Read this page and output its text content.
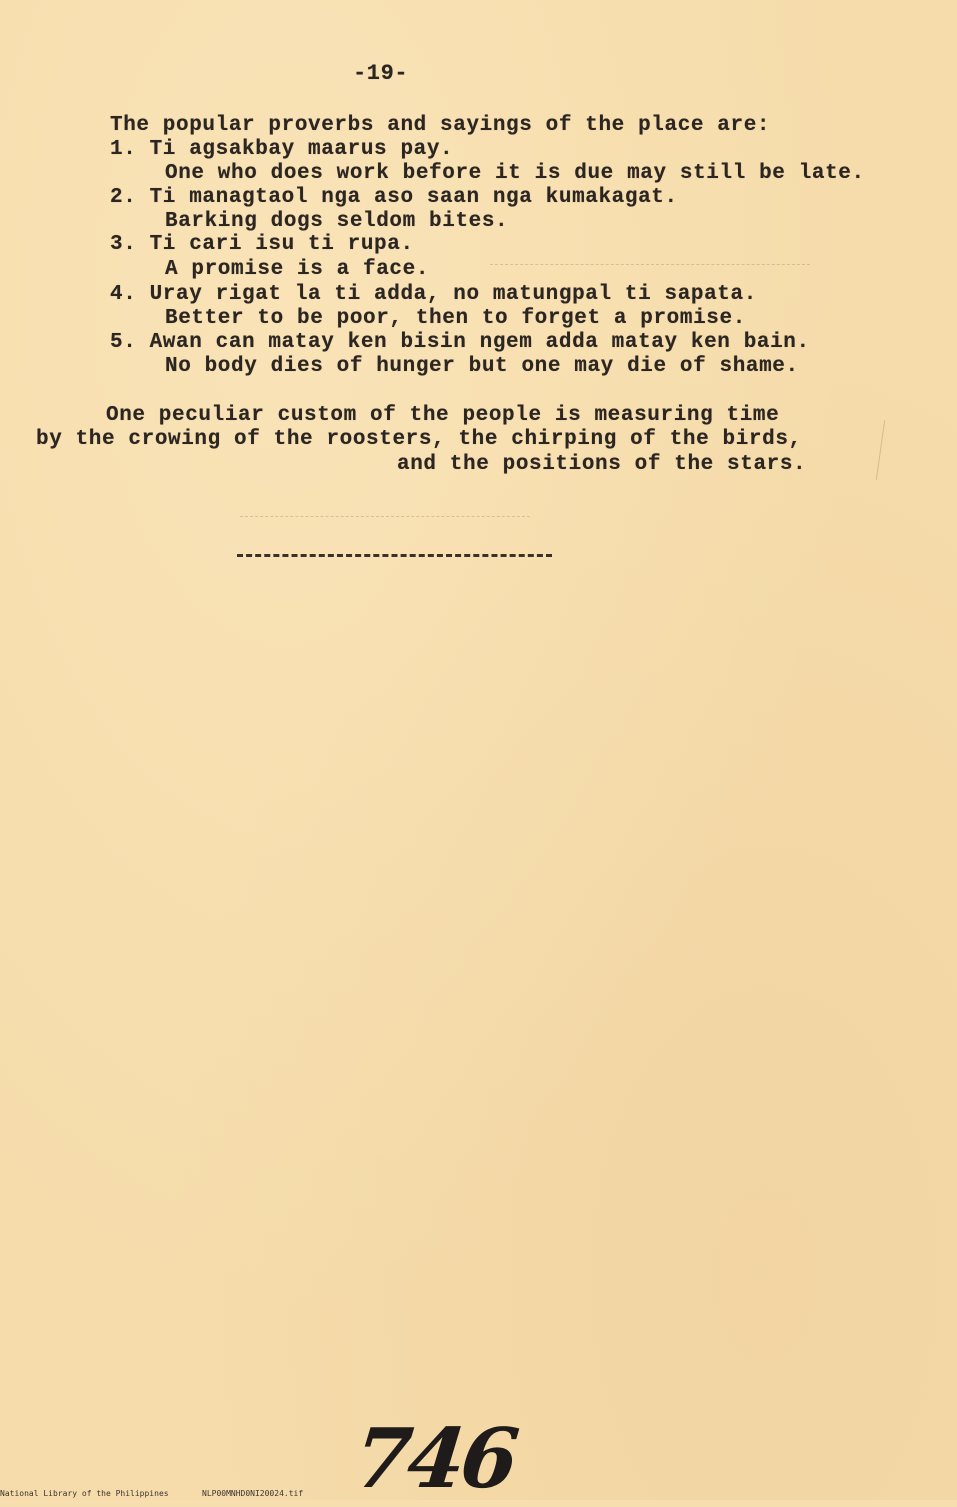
-19-
The popular proverbs and sayings of the place are:
1. Ti agsakbay maarus pay.
One who does work before it is due may still be late.
2. Ti managtaol nga aso saan nga kumakagat.
Barking dogs seldom bites.
3. Ti cari isu ti rupa.
A promise is a face.
4. Uray rigat la ti adda, no matungpal ti sapata.
Better to be poor, then to forget a promise.
5. Awan can matay ken bisin ngem adda matay ken bain.
No body dies of hunger but one may die of shame.
One peculiar custom of the people is measuring time
by the crowing of the roosters, the chirping of the birds,
and the positions of the stars.
746
National Library of the Philippines	NLP00MNHD0NI20024.tif
